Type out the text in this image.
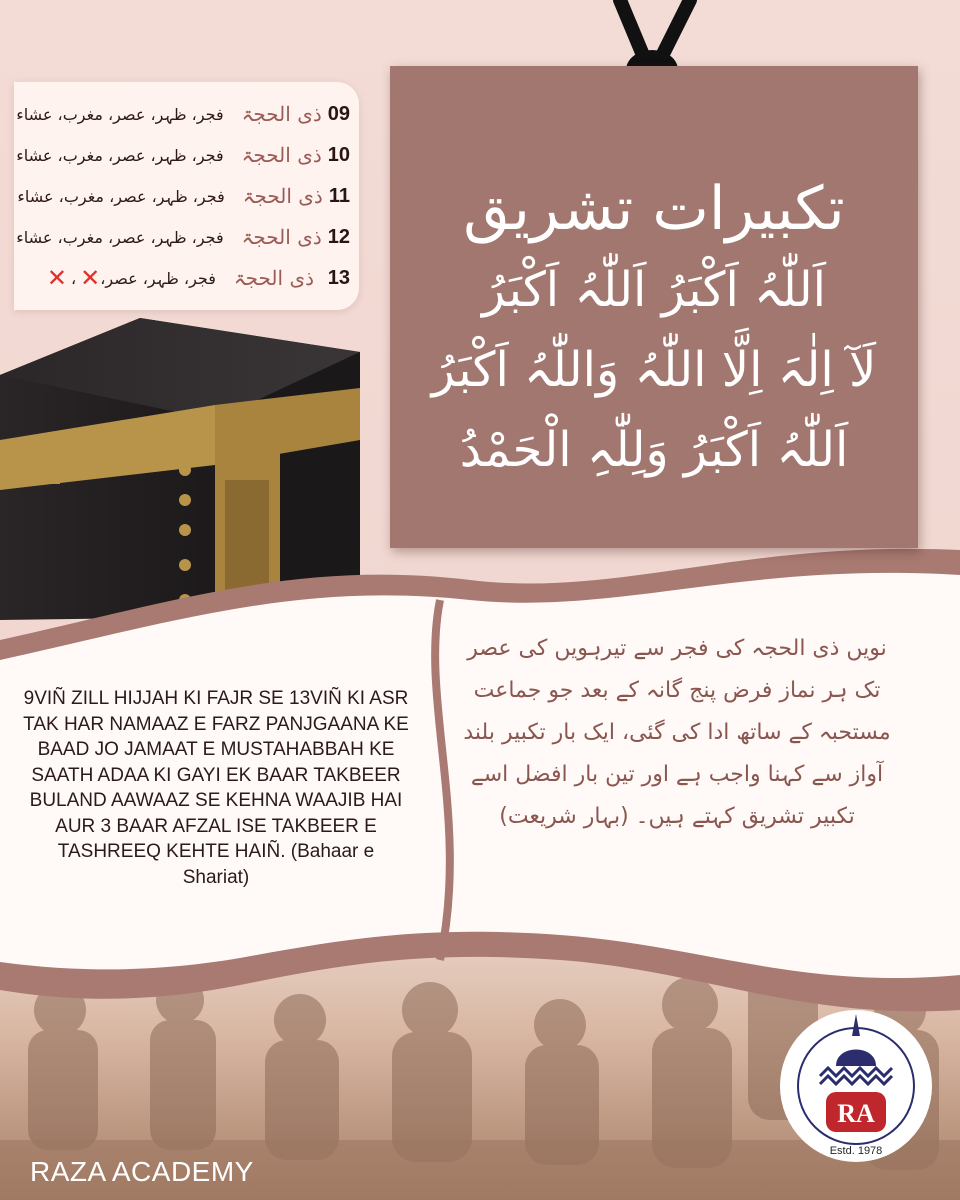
فجر، ظہر، عصر، مغرب، عشاء ذی الحجۃ 09
فجر، ظہر، عصر، مغرب، عشاء ذی الحجۃ 10
فجر، ظہر، عصر، مغرب، عشاء ذی الحجۃ 11
فجر، ظہر، عصر، مغرب، عشاء ذی الحجۃ 12
✕ ، ✕ فجر، ظہر، عصر، ذی الحجۃ 13
تکبیرات تشریق
اَللّٰہُ اَکْبَرُ اَللّٰہُ اَکْبَرُ
لَآ اِلٰہَ اِلَّا اللّٰہُ وَاللّٰہُ اَکْبَرُ
اَللّٰہُ اَکْبَرُ وَلِلّٰہِ الْحَمْدُ
نویں ذی الحجہ کی فجر سے تیرہویں کی عصر تک ہر نماز فرض پنج گانہ کے بعد جو جماعت مستحبہ کے ساتھ ادا کی گئی، ایک بار تکبیر بلند آواز سے کہنا واجب ہے اور تین بار افضل اسے تکبیر تشریق کہتے ہیں۔ (بہار شریعت)
9VIÑ ZILL HIJJAH KI FAJR SE 13VIÑ KI ASR TAK HAR NAMAAZ E FARZ PANJGAANA KE BAAD JO JAMAAT E MUSTAHABBAH KE SAATH ADAA KI GAYI EK BAAR TAKBEER BULAND AAWAAZ SE KEHNA WAAJIB HAI AUR 3 BAAR AFZAL ISE TAKBEER E TASHREEQ KEHTE HAIÑ. (Bahaar e Shariat)
RA
Estd. 1978
RAZA ACADEMY
